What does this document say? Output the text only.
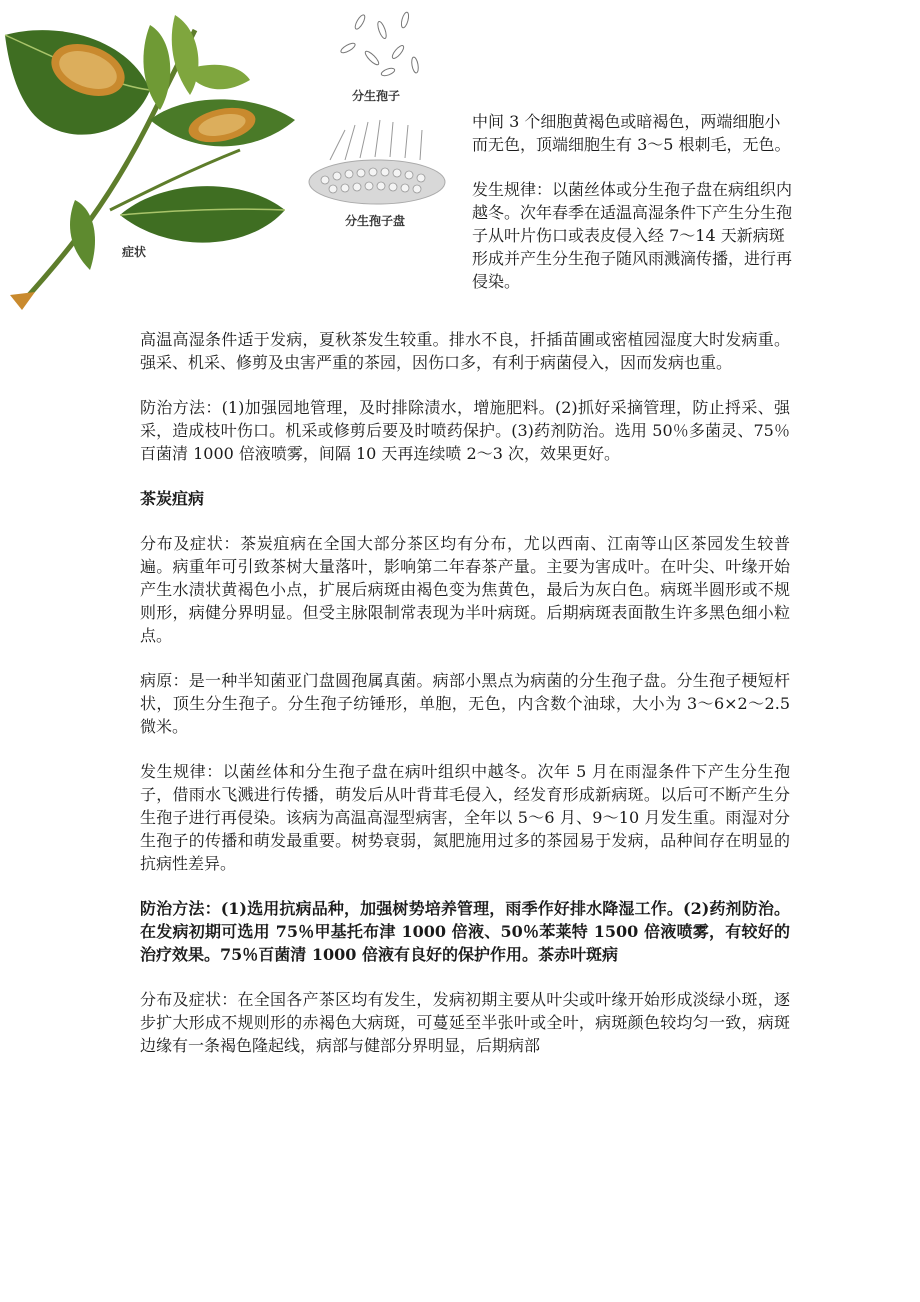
症状
分生孢子
分生孢子盘

中间 3 个细胞黄褐色或暗褐色，两端细胞小而无色，顶端细胞生有 3～5 根刺毛，无色。

发生规律：以菌丝体或分生孢子盘在病组织内越冬。次年春季在适温高湿条件下产生分生孢子从叶片伤口或表皮侵入经 7～14 天新病斑形成并产生分生孢子随风雨溅滴传播，进行再侵染。

高温高湿条件适于发病，夏秋茶发生较重。排水不良，扦插苗圃或密植园湿度大时发病重。强采、机采、修剪及虫害严重的茶园，因伤口多，有利于病菌侵入，因而发病也重。

防治方法：(1)加强园地管理，及时排除渍水，增施肥料。(2)抓好采摘管理，防止捋采、强采，造成枝叶伤口。机采或修剪后要及时喷药保护。(3)药剂防治。选用 50％多菌灵、75％百菌清 1000 倍液喷雾，间隔 10 天再连续喷 2～3 次，效果更好。

茶炭疽病

分布及症状：茶炭疽病在全国大部分茶区均有分布，尤以西南、江南等山区茶园发生较普遍。病重年可引致茶树大量落叶，影响第二年春茶产量。主要为害成叶。在叶尖、叶缘开始产生水渍状黄褐色小点，扩展后病斑由褐色变为焦黄色，最后为灰白色。病斑半圆形或不规则形，病健分界明显。但受主脉限制常表现为半叶病斑。后期病斑表面散生许多黑色细小粒点。

病原：是一种半知菌亚门盘圆孢属真菌。病部小黑点为病菌的分生孢子盘。分生孢子梗短杆状，顶生分生孢子。分生孢子纺锤形，单胞，无色，内含数个油球，大小为 3～6×2～2.5 微米。

发生规律：以菌丝体和分生孢子盘在病叶组织中越冬。次年 5 月在雨湿条件下产生分生孢子，借雨水飞溅进行传播，萌发后从叶背茸毛侵入，经发育形成新病斑。以后可不断产生分生孢子进行再侵染。该病为高温高湿型病害，全年以 5～6 月、9～10 月发生重。雨湿对分生孢子的传播和萌发最重要。树势衰弱，氮肥施用过多的茶园易于发病，品种间存在明显的抗病性差异。

防治方法：(1)选用抗病品种，加强树势培养管理，雨季作好排水降湿工作。(2)药剂防治。在发病初期可选用 75％甲基托布津 1000 倍液、50％苯莱特 1500 倍液喷雾，有较好的治疗效果。75％百菌清 1000 倍液有良好的保护作用。茶赤叶斑病

分布及症状：在全国各产茶区均有发生，发病初期主要从叶尖或叶缘开始形成淡绿小斑，逐步扩大形成不规则形的赤褐色大病斑，可蔓延至半张叶或全叶，病斑颜色较均匀一致，病斑边缘有一条褐色隆起线，病部与健部分界明显，后期病部
